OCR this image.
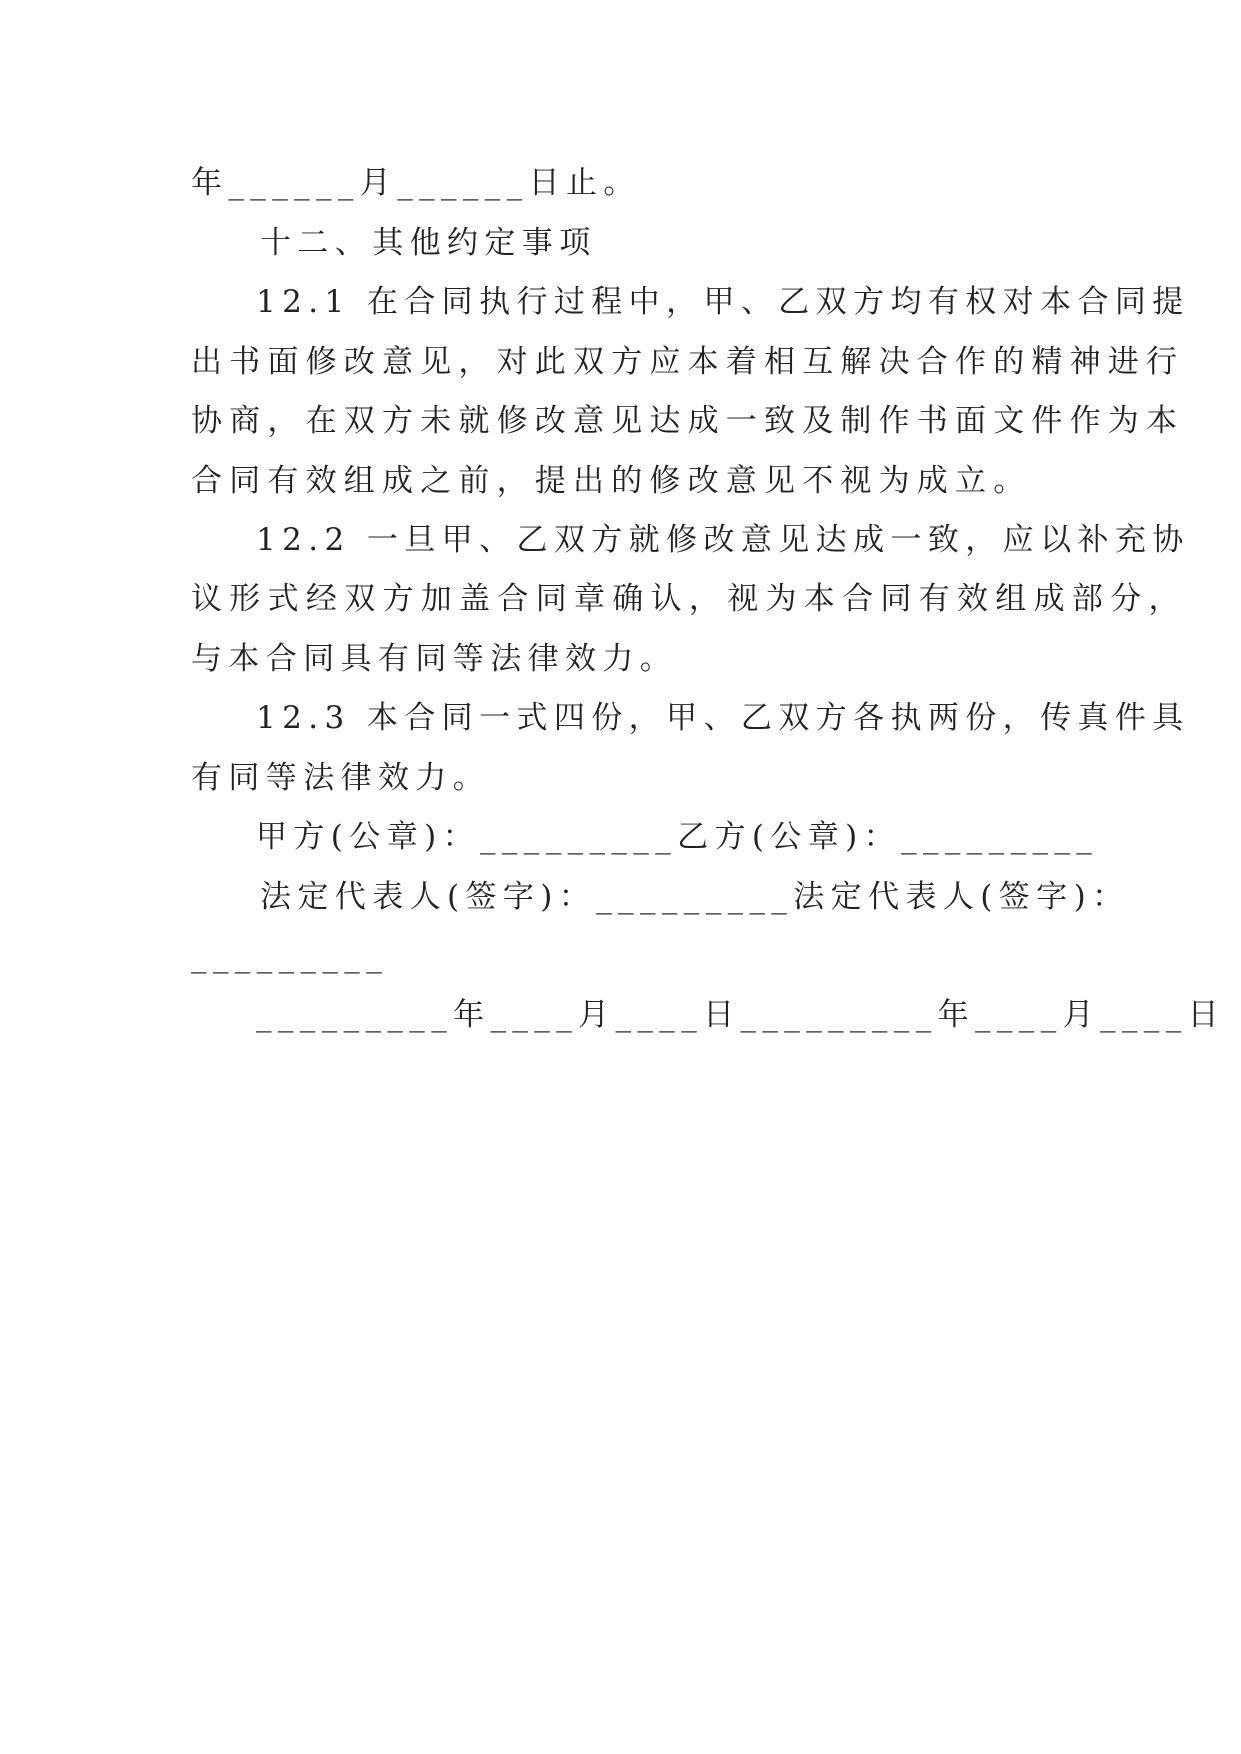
年______月______日止。
十二、其他约定事项
12.1 在合同执行过程中，甲、乙双方均有权对本合同提
出书面修改意见，对此双方应本着相互解决合作的精神进行
协商，在双方未就修改意见达成一致及制作书面文件作为本
合同有效组成之前，提出的修改意见不视为成立。
12.2 一旦甲、乙双方就修改意见达成一致，应以补充协
议形式经双方加盖合同章确认，视为本合同有效组成部分，
与本合同具有同等法律效力。
12.3 本合同一式四份，甲、乙双方各执两份，传真件具
有同等法律效力。
甲方(公章)：_________乙方(公章)：_________
法定代表人(签字)：_________法定代表人(签字)：
_________
_________年____月____日_________年____月____日
